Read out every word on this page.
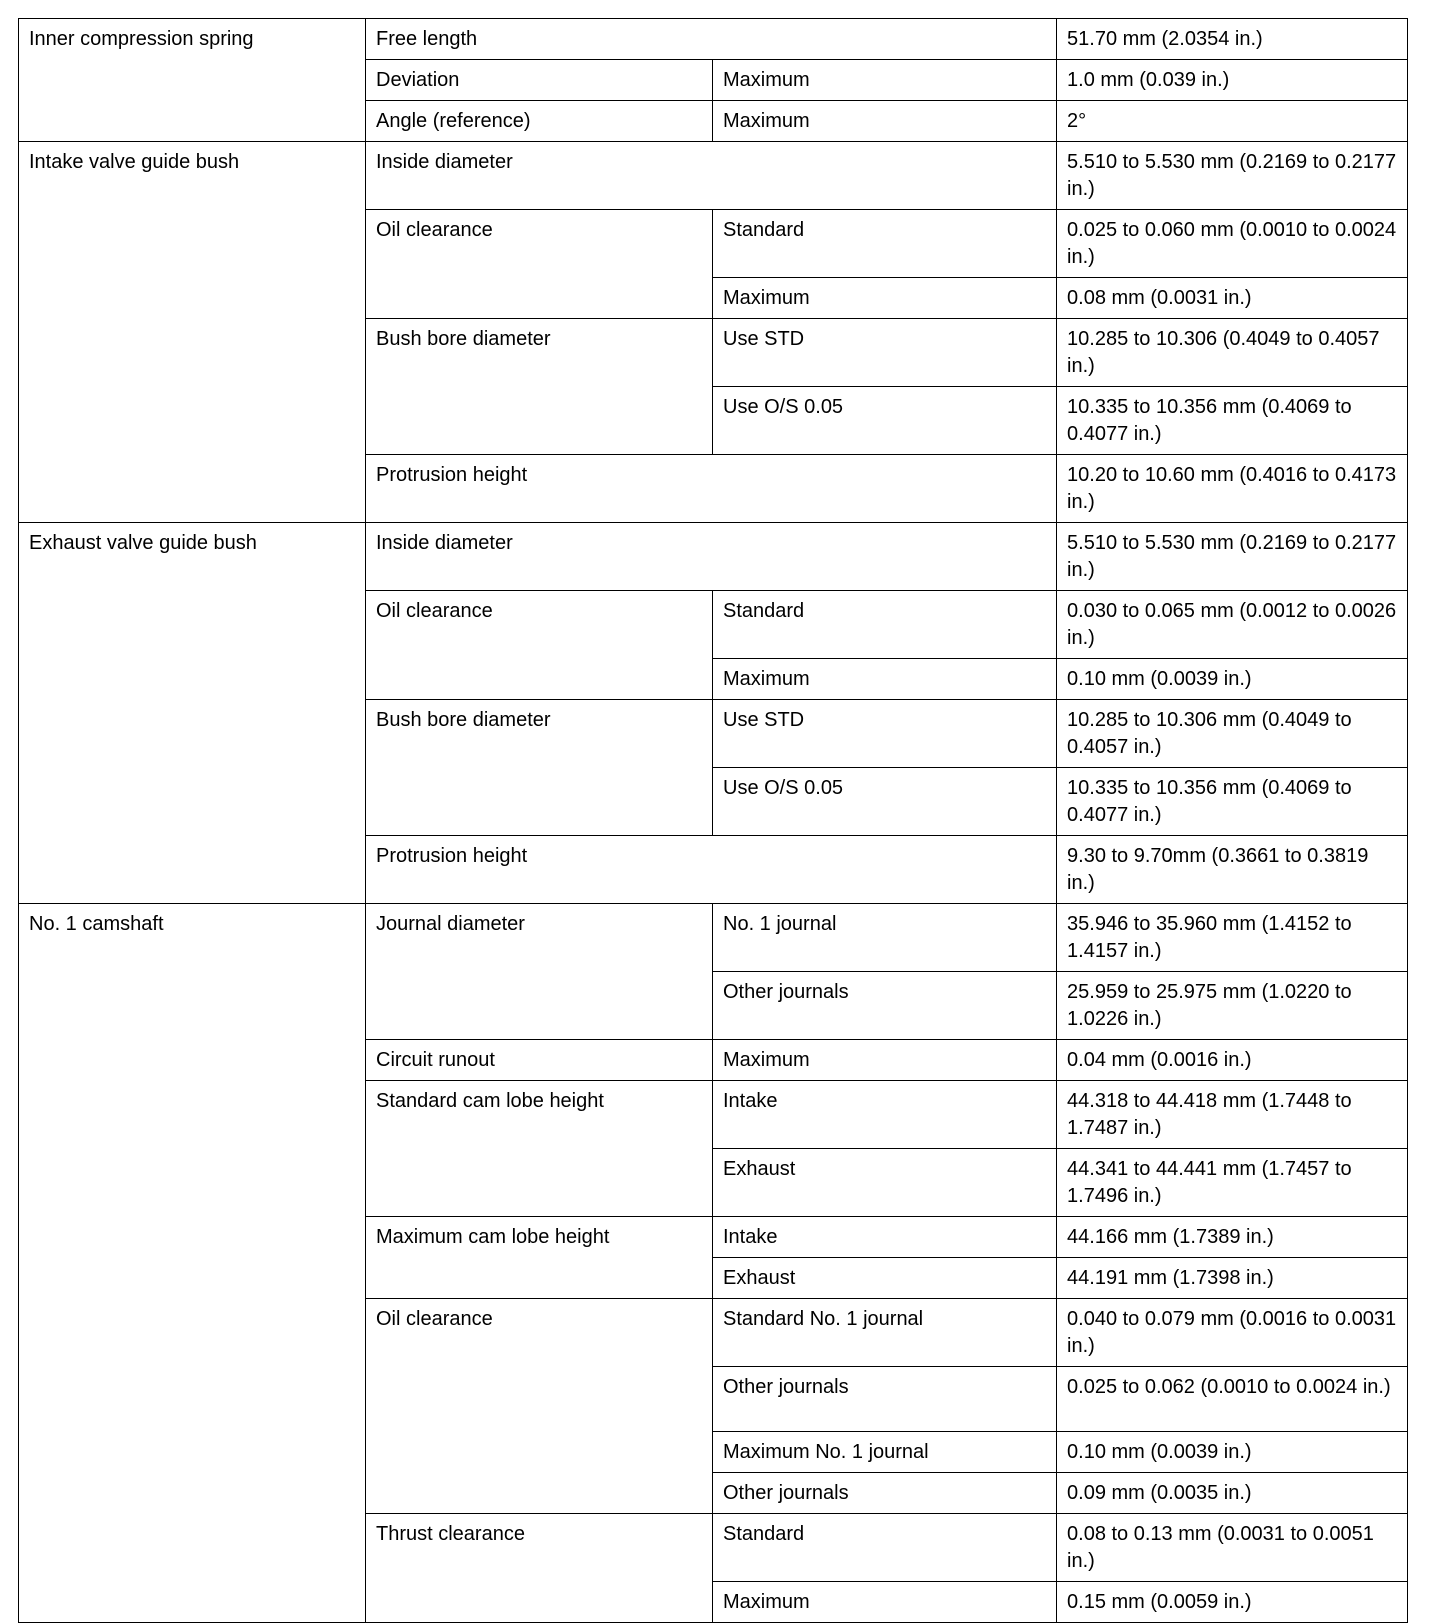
Inner compression spring	Free length		51.70 mm (2.0354 in.)
	Deviation	Maximum	1.0 mm (0.039 in.)
	Angle (reference)	Maximum	2°
Intake valve guide bush	Inside diameter		5.510 to 5.530 mm (0.2169 to 0.2177 in.)
	Oil clearance	Standard	0.025 to 0.060 mm (0.0010 to 0.0024 in.)
		Maximum	0.08 mm (0.0031 in.)
	Bush bore diameter	Use STD	10.285 to 10.306 (0.4049 to 0.4057 in.)
		Use O/S 0.05	10.335 to 10.356 mm (0.4069 to 0.4077 in.)
	Protrusion height		10.20 to 10.60 mm (0.4016 to 0.4173 in.)
Exhaust valve guide bush	Inside diameter		5.510 to 5.530 mm (0.2169 to 0.2177 in.)
	Oil clearance	Standard	0.030 to 0.065 mm (0.0012 to 0.0026 in.)
		Maximum	0.10 mm (0.0039 in.)
	Bush bore diameter	Use STD	10.285 to 10.306 mm (0.4049 to 0.4057 in.)
		Use O/S 0.05	10.335 to 10.356 mm (0.4069 to 0.4077 in.)
	Protrusion height		9.30 to 9.70mm (0.3661 to 0.3819 in.)
No. 1 camshaft	Journal diameter	No. 1 journal	35.946 to 35.960 mm (1.4152 to 1.4157 in.)
		Other journals	25.959 to 25.975 mm (1.0220 to 1.0226 in.)
	Circuit runout	Maximum	0.04 mm (0.0016 in.)
	Standard cam lobe height	Intake	44.318 to 44.418 mm (1.7448 to 1.7487 in.)
		Exhaust	44.341 to 44.441 mm (1.7457 to 1.7496 in.)
	Maximum cam lobe height	Intake	44.166 mm (1.7389 in.)
		Exhaust	44.191 mm (1.7398 in.)
	Oil clearance	Standard No. 1 journal	0.040 to 0.079 mm (0.0016 to 0.0031 in.)
		Other journals	0.025 to 0.062 (0.0010 to 0.0024 in.)
		Maximum No. 1 journal	0.10 mm (0.0039 in.)
		Other journals	0.09 mm (0.0035 in.)
	Thrust clearance	Standard	0.08 to 0.13 mm (0.0031 to 0.0051 in.)
		Maximum	0.15 mm (0.0059 in.)
